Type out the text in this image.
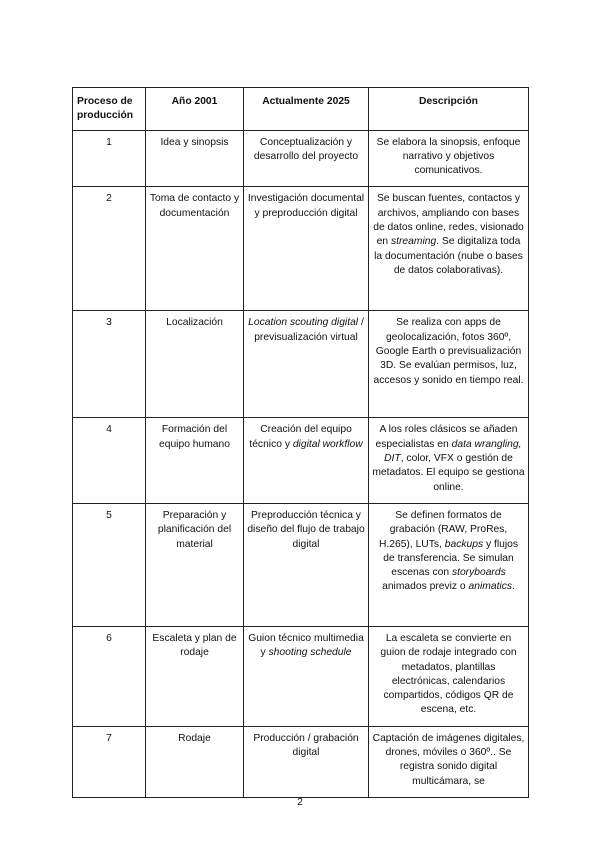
Proceso de producción	Año 2001	Actualmente 2025	Descripción
1	Idea y sinopsis	Conceptualización y desarrollo del proyecto	Se elabora la sinopsis, enfoque narrativo y objetivos comunicativos.
2	Toma de contacto y documentación	Investigación documental y preproducción digital	Se buscan fuentes, contactos y archivos, ampliando con bases de datos online, redes, visionado en streaming. Se digitaliza toda la documentación (nube o bases de datos colaborativas).
3	Localización	Location scouting digital / previsualización virtual	Se realiza con apps de geolocalización, fotos 360º, Google Earth o previsualización 3D. Se evalúan permisos, luz, accesos y sonido en tiempo real.
4	Formación del equipo humano	Creación del equipo técnico y digital workflow	A los roles clásicos se añaden especialistas en data wrangling, DIT, color, VFX o gestión de metadatos. El equipo se gestiona online.
5	Preparación y planificación del material	Preproducción técnica y diseño del flujo de trabajo digital	Se definen formatos de grabación (RAW, ProRes, H.265), LUTs, backups y flujos de transferencia. Se simulan escenas con storyboards animados previz o animatics.
6	Escaleta y plan de rodaje	Guion técnico multimedia y shooting schedule	La escaleta se convierte en guion de rodaje integrado con metadatos, plantillas electrónicas, calendarios compartidos, códigos QR de escena, etc.
7	Rodaje	Producción / grabación digital	Captación de imágenes digitales, drones, móviles o 360º.. Se registra sonido digital multicámara, se
2
